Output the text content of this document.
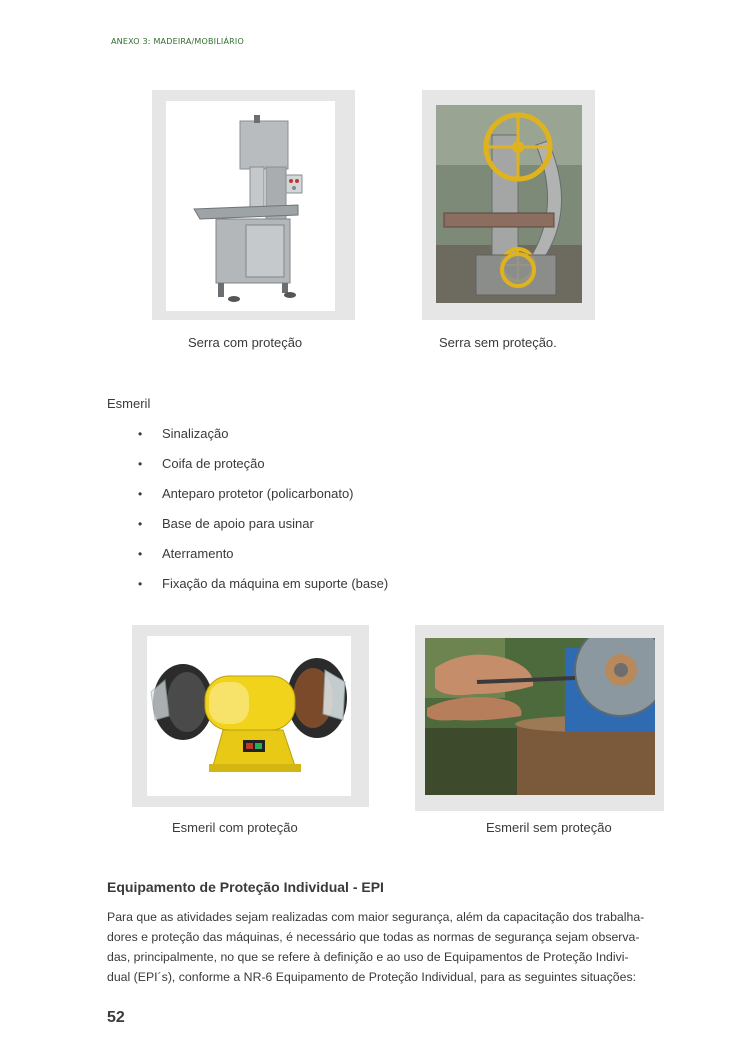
ANEXO 3: MADEIRA/MOBILIÁRIO
Serra com proteção	Serra sem proteção.
Esmeril
•	Sinalização
•	Coifa de proteção
•	Anteparo protetor (policarbonato)
•	Base de apoio para usinar
•	Aterramento
•	Fixação da máquina em suporte (base)
Esmeril com proteção	Esmeril sem proteção
Equipamento de Proteção Individual - EPI
Para que as atividades sejam realizadas com maior segurança, além da capacitação dos trabalha-
dores e proteção das máquinas, é necessário que todas as normas de segurança sejam observa-
das, principalmente, no que se refere à definição e ao uso de Equipamentos de Proteção Indivi-
dual (EPI´s), conforme a NR-6 Equipamento de Proteção Individual, para as seguintes situações:
52
